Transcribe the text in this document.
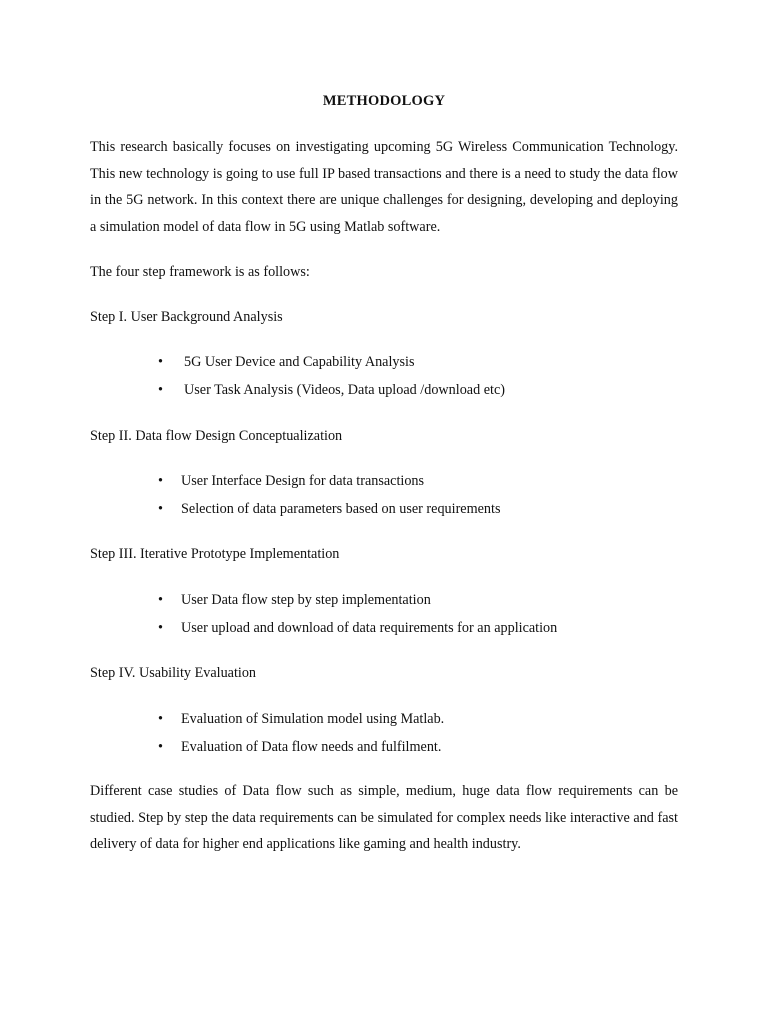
METHODOLOGY

This research basically focuses on investigating upcoming 5G Wireless Communication Technology. This new technology is going to use full IP based transactions and there is a need to study the data flow in the 5G network. In this context there are unique challenges for designing, developing and deploying a simulation model of data flow in 5G using Matlab software.

The four step framework is as follows:

Step I. User Background Analysis

• 5G User Device and Capability Analysis
• User Task Analysis (Videos, Data upload /download etc)

Step II. Data flow Design Conceptualization

• User Interface Design for data transactions
• Selection of data parameters based on user requirements

Step III. Iterative Prototype Implementation

• User Data flow step by step implementation
• User upload and download of data requirements for an application

Step IV. Usability Evaluation

• Evaluation of Simulation model using Matlab.
• Evaluation of Data flow needs and fulfilment.

Different case studies of Data flow such as simple, medium, huge data flow requirements can be studied. Step by step the data requirements can be simulated for complex needs like interactive and fast delivery of data for higher end applications like gaming and health industry.
